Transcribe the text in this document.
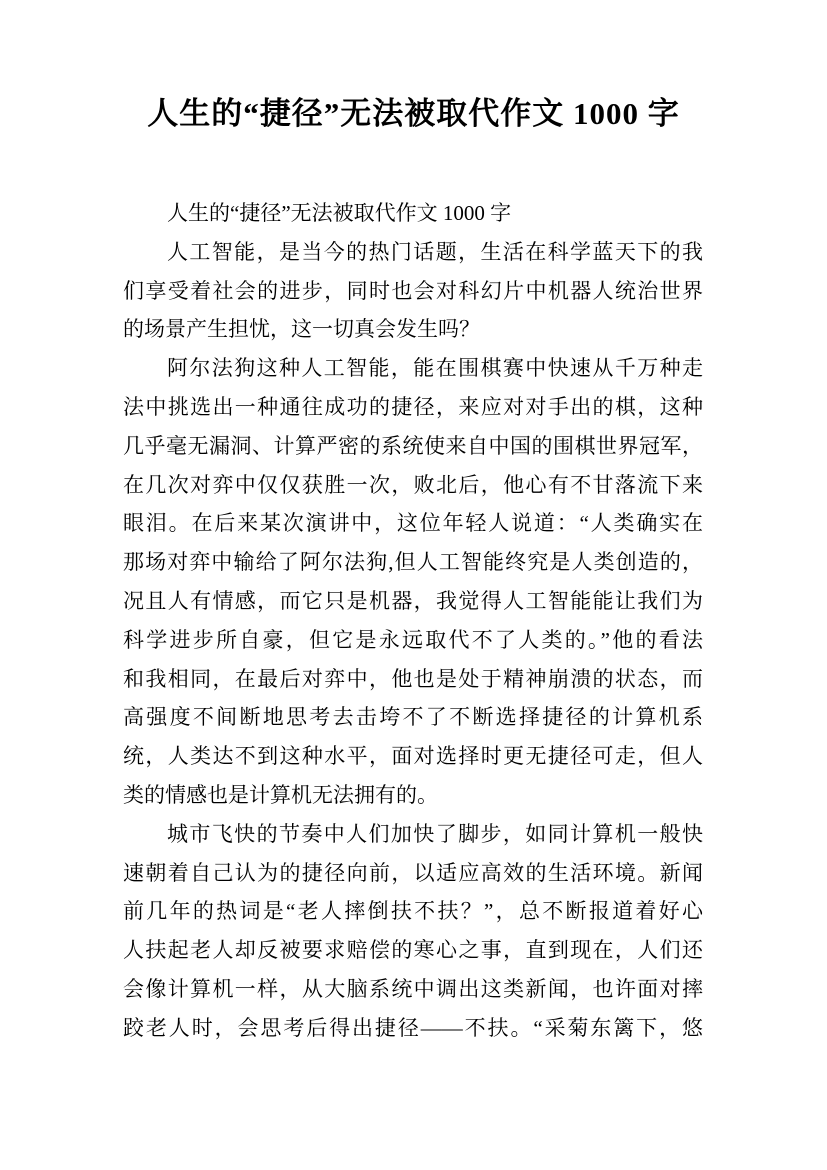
人生的“捷径”无法被取代作文 1000 字
人生的“捷径”无法被取代作文 1000 字
人工智能，是当今的热门话题，生活在科学蓝天下的我
们享受着社会的进步，同时也会对科幻片中机器人统治世界
的场景产生担忧，这一切真会发生吗？
阿尔法狗这种人工智能，能在围棋赛中快速从千万种走
法中挑选出一种通往成功的捷径，来应对对手出的棋，这种
几乎毫无漏洞、计算严密的系统使来自中国的围棋世界冠军，
在几次对弈中仅仅获胜一次，败北后，他心有不甘落流下来
眼泪。在后来某次演讲中，这位年轻人说道：“人类确实在
那场对弈中输给了阿尔法狗,但人工智能终究是人类创造的，
况且人有情感，而它只是机器，我觉得人工智能能让我们为
科学进步所自豪，但它是永远取代不了人类的。”他的看法
和我相同，在最后对弈中，他也是处于精神崩溃的状态，而
高强度不间断地思考去击垮不了不断选择捷径的计算机系
统，人类达不到这种水平，面对选择时更无捷径可走，但人
类的情感也是计算机无法拥有的。
城市飞快的节奏中人们加快了脚步，如同计算机一般快
速朝着自己认为的捷径向前，以适应高效的生活环境。新闻
前几年的热词是“老人摔倒扶不扶？”，总不断报道着好心
人扶起老人却反被要求赔偿的寒心之事，直到现在，人们还
会像计算机一样，从大脑系统中调出这类新闻，也许面对摔
跤老人时，会思考后得出捷径——不扶。“采菊东篱下，悠
